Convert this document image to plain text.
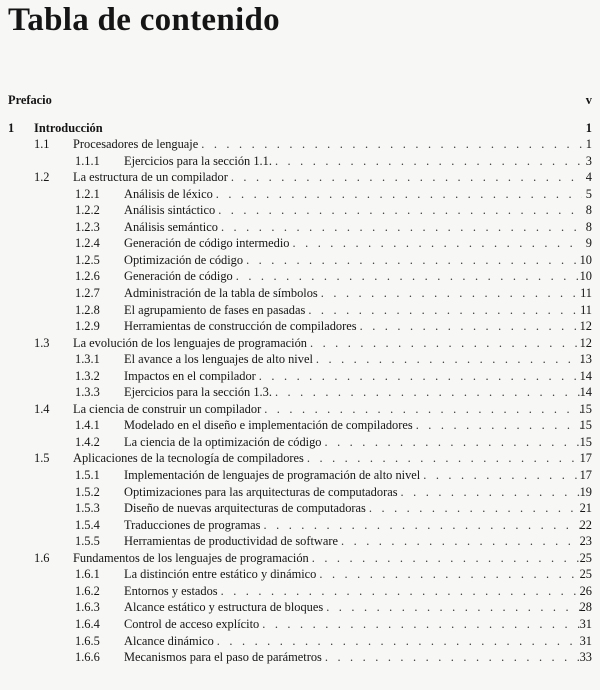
Tabla de contenido
Prefacio	v
1 Introducción	1
1.1 Procesadores de lenguaje . . .	1
1.1.1 Ejercicios para la sección 1.1. . . .	3
1.2 La estructura de un compilador . . .	4
1.2.1 Análisis de léxico . . .	5
1.2.2 Análisis sintáctico . . .	8
1.2.3 Análisis semántico . . .	8
1.2.4 Generación de código intermedio . . .	9
1.2.5 Optimización de código . . .	10
1.2.6 Generación de código . . .	10
1.2.7 Administración de la tabla de símbolos . . .	11
1.2.8 El agrupamiento de fases en pasadas . . .	11
1.2.9 Herramientas de construcción de compiladores . . .	12
1.3 La evolución de los lenguajes de programación . . .	12
1.3.1 El avance a los lenguajes de alto nivel . . .	13
1.3.2 Impactos en el compilador . . .	14
1.3.3 Ejercicios para la sección 1.3. . . .	14
1.4 La ciencia de construir un compilador . . .	15
1.4.1 Modelado en el diseño e implementación de compiladores . . .	15
1.4.2 La ciencia de la optimización de código . . .	15
1.5 Aplicaciones de la tecnología de compiladores . . .	17
1.5.1 Implementación de lenguajes de programación de alto nivel . . .	17
1.5.2 Optimizaciones para las arquitecturas de computadoras . . .	19
1.5.3 Diseño de nuevas arquitecturas de computadoras . . .	21
1.5.4 Traducciones de programas . . .	22
1.5.5 Herramientas de productividad de software . . .	23
1.6 Fundamentos de los lenguajes de programación . . .	25
1.6.1 La distinción entre estático y dinámico . . .	25
1.6.2 Entornos y estados . . .	26
1.6.3 Alcance estático y estructura de bloques . . .	28
1.6.4 Control de acceso explícito . . .	31
1.6.5 Alcance dinámico . . .	31
1.6.6 Mecanismos para el paso de parámetros . . .	33
